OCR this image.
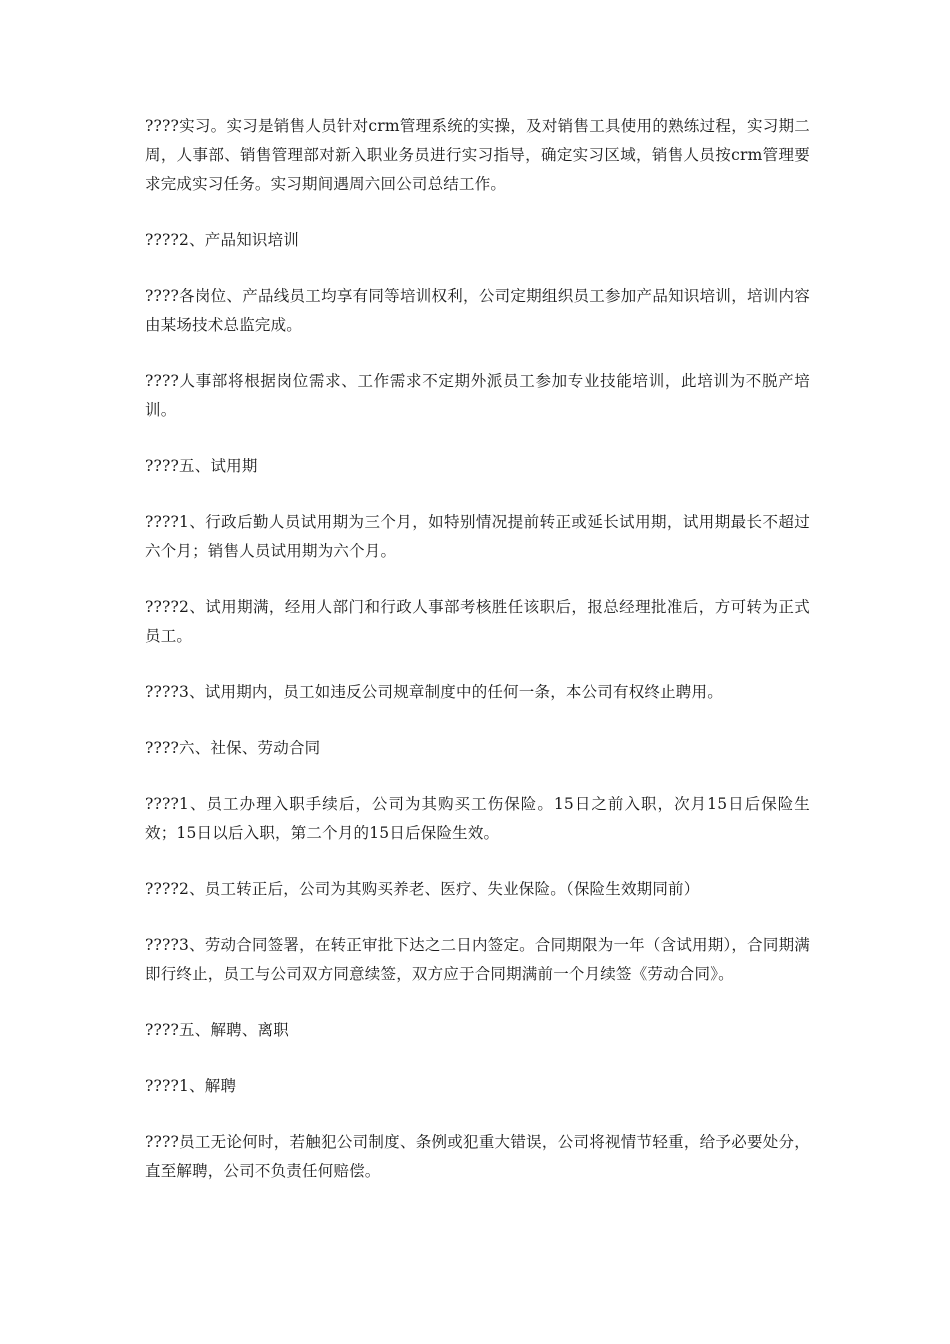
????实习。实习是销售人员针对crm管理系统的实操，及对销售工具使用的熟练过程，实习期二周，人事部、销售管理部对新入职业务员进行实习指导，确定实习区域，销售人员按crm管理要求完成实习任务。实习期间遇周六回公司总结工作。

????2、产品知识培训

????各岗位、产品线员工均享有同等培训权利，公司定期组织员工参加产品知识培训，培训内容由某场技术总监完成。

????人事部将根据岗位需求、工作需求不定期外派员工参加专业技能培训，此培训为不脱产培训。

????五、试用期

????1、行政后勤人员试用期为三个月，如特别情况提前转正或延长试用期，试用期最长不超过六个月；销售人员试用期为六个月。

????2、试用期满，经用人部门和行政人事部考核胜任该职后，报总经理批准后，方可转为正式员工。

????3、试用期内，员工如违反公司规章制度中的任何一条，本公司有权终止聘用。

????六、社保、劳动合同

????1、员工办理入职手续后，公司为其购买工伤保险。15日之前入职，次月15日后保险生效；15日以后入职，第二个月的15日后保险生效。

????2、员工转正后，公司为其购买养老、医疗、失业保险。（保险生效期同前）

????3、劳动合同签署，在转正审批下达之二日内签定。合同期限为一年（含试用期），合同期满即行终止，员工与公司双方同意续签，双方应于合同期满前一个月续签《劳动合同》。

????五、解聘、离职

????1、解聘

????员工无论何时，若触犯公司制度、条例或犯重大错误，公司将视情节轻重，给予必要处分，直至解聘，公司不负责任何赔偿。
